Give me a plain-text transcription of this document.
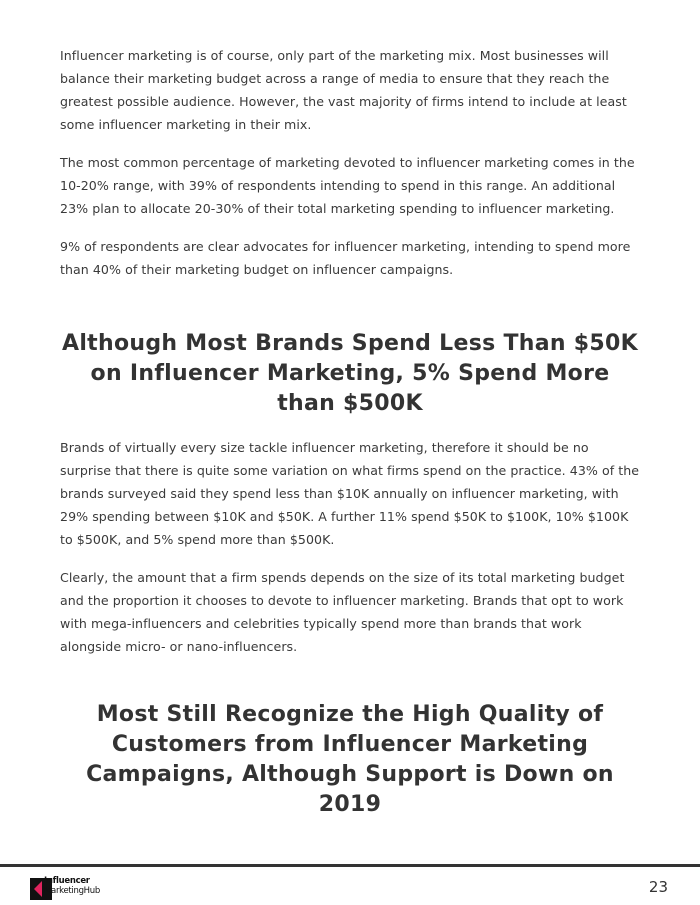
Influencer marketing is of course, only part of the marketing mix. Most businesses will balance their marketing budget across a range of media to ensure that they reach the greatest possible audience. However, the vast majority of firms intend to include at least some influencer marketing in their mix.

The most common percentage of marketing devoted to influencer marketing comes in the 10-20% range, with 39% of respondents intending to spend in this range. An additional 23% plan to allocate 20-30% of their total marketing spending to influencer marketing.

9% of respondents are clear advocates for influencer marketing, intending to spend more than 40% of their marketing budget on influencer campaigns.

Although Most Brands Spend Less Than $50K on Influencer Marketing, 5% Spend More than $500K

Brands of virtually every size tackle influencer marketing, therefore it should be no surprise that there is quite some variation on what firms spend on the practice. 43% of the brands surveyed said they spend less than $10K annually on influencer marketing, with 29% spending between $10K and $50K. A further 11% spend $50K to $100K, 10% $100K to $500K, and 5% spend more than $500K.

Clearly, the amount that a firm spends depends on the size of its total marketing budget and the proportion it chooses to devote to influencer marketing. Brands that opt to work with mega-influencers and celebrities typically spend more than brands that work alongside micro- or nano-influencers.

Most Still Recognize the High Quality of Customers from Influencer Marketing Campaigns, Although Support is Down on 2019
Influencer
MarketingHub	23
